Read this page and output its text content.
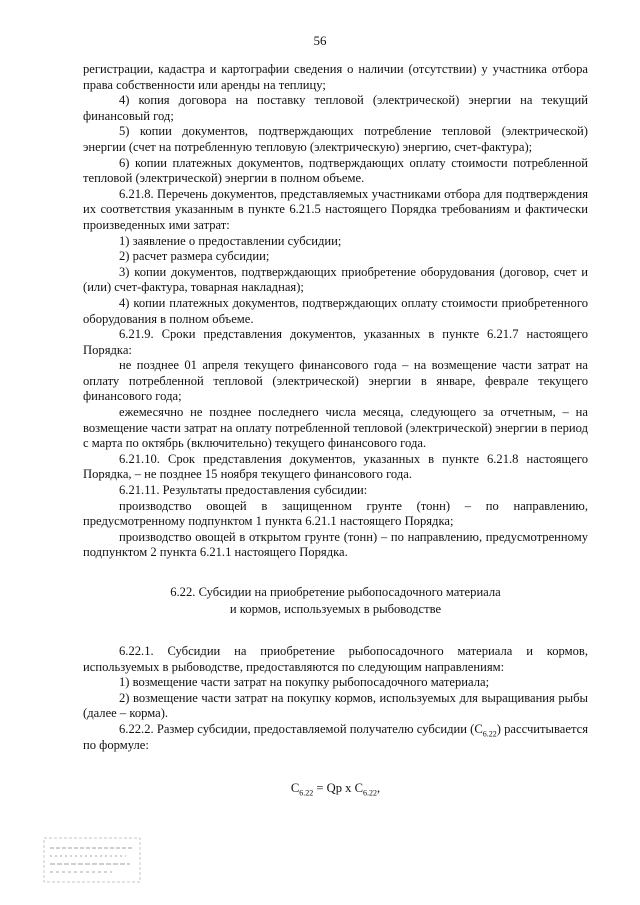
56

регистрации, кадастра и картографии сведения о наличии (отсутствии) у участника отбора права собственности или аренды на теплицу;

4) копия договора на поставку тепловой (электрической) энергии на текущий финансовый год;

5) копии документов, подтверждающих потребление тепловой (электрической) энергии (счет на потребленную тепловую (электрическую) энергию, счет-фактура);

6) копии платежных документов, подтверждающих оплату стоимости потребленной тепловой (электрической) энергии в полном объеме.

6.21.8. Перечень документов, представляемых участниками отбора для подтверждения их соответствия указанным в пункте 6.21.5 настоящего Порядка требованиям и фактически произведенных ими затрат:

1) заявление о предоставлении субсидии;

2) расчет размера субсидии;

3) копии документов, подтверждающих приобретение оборудования (договор, счет и (или) счет-фактура, товарная накладная);

4) копии платежных документов, подтверждающих оплату стоимости приобретенного оборудования в полном объеме.

6.21.9. Сроки представления документов, указанных в пункте 6.21.7 настоящего Порядка:

не позднее 01 апреля текущего финансового года – на возмещение части затрат на оплату потребленной тепловой (электрической) энергии в январе, феврале текущего финансового года;

ежемесячно не позднее последнего числа месяца, следующего за отчетным, – на возмещение части затрат на оплату потребленной тепловой (электрической) энергии в период с марта по октябрь (включительно) текущего финансового года.

6.21.10. Срок представления документов, указанных в пункте 6.21.8 настоящего Порядка, – не позднее 15 ноября текущего финансового года.

6.21.11. Результаты предоставления субсидии:

производство овощей в защищенном грунте (тонн) – по направлению, предусмотренному подпунктом 1 пункта 6.21.1 настоящего Порядка;

производство овощей в открытом грунте (тонн) – по направлению, предусмотренному подпунктом 2 пункта 6.21.1 настоящего Порядка.

6.22. Субсидии на приобретение рыбопосадочного материала
и кормов, используемых в рыбоводстве

6.22.1. Субсидии на приобретение рыбопосадочного материала и кормов, используемых в рыбоводстве, предоставляются по следующим направлениям:

1) возмещение части затрат на покупку рыбопосадочного материала;

2) возмещение части затрат на покупку кормов, используемых для выращивания рыбы (далее – корма).

6.22.2. Размер субсидии, предоставляемой получателю субсидии $(C_{6.22})$ рассчитывается по формуле:

$C_{6.22} = Qp$ x $C_{6.22}$,
